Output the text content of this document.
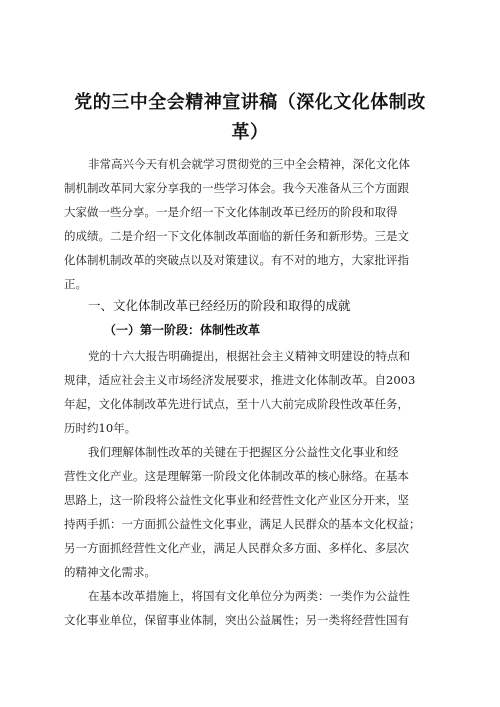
党的三中全会精神宣讲稿（深化文化体制改
革）
非常高兴今天有机会就学习贯彻党的三中全会精神，深化文化体
制机制改革同大家分享我的一些学习体会。我今天准备从三个方面跟
大家做一些分享。一是介绍一下文化体制改革已经历的阶段和取得
的成绩。二是介绍一下文化体制改革面临的新任务和新形势。三是文
化体制机制改革的突破点以及对策建议。有不对的地方，大家批评指
正。
一、文化体制改革已经经历的阶段和取得的成就
（一）第一阶段：体制性改革
党的十六大报告明确提出，根据社会主义精神文明建设的特点和
规律，适应社会主义市场经济发展要求，推进文化体制改革。自2003
年起，文化体制改革先进行试点，至十八大前完成阶段性改革任务，
历时约10年。
我们理解体制性改革的关键在于把握区分公益性文化事业和经
营性文化产业。这是理解第一阶段文化体制改革的核心脉络。在基本
思路上，这一阶段将公益性文化事业和经营性文化产业区分开来，坚
持两手抓：一方面抓公益性文化事业，满足人民群众的基本文化权益；
另一方面抓经营性文化产业，满足人民群众多方面、多样化、多层次
的精神文化需求。
在基本改革措施上，将国有文化单位分为两类：一类作为公益性
文化事业单位，保留事业体制，突出公益属性；另一类将经营性国有
